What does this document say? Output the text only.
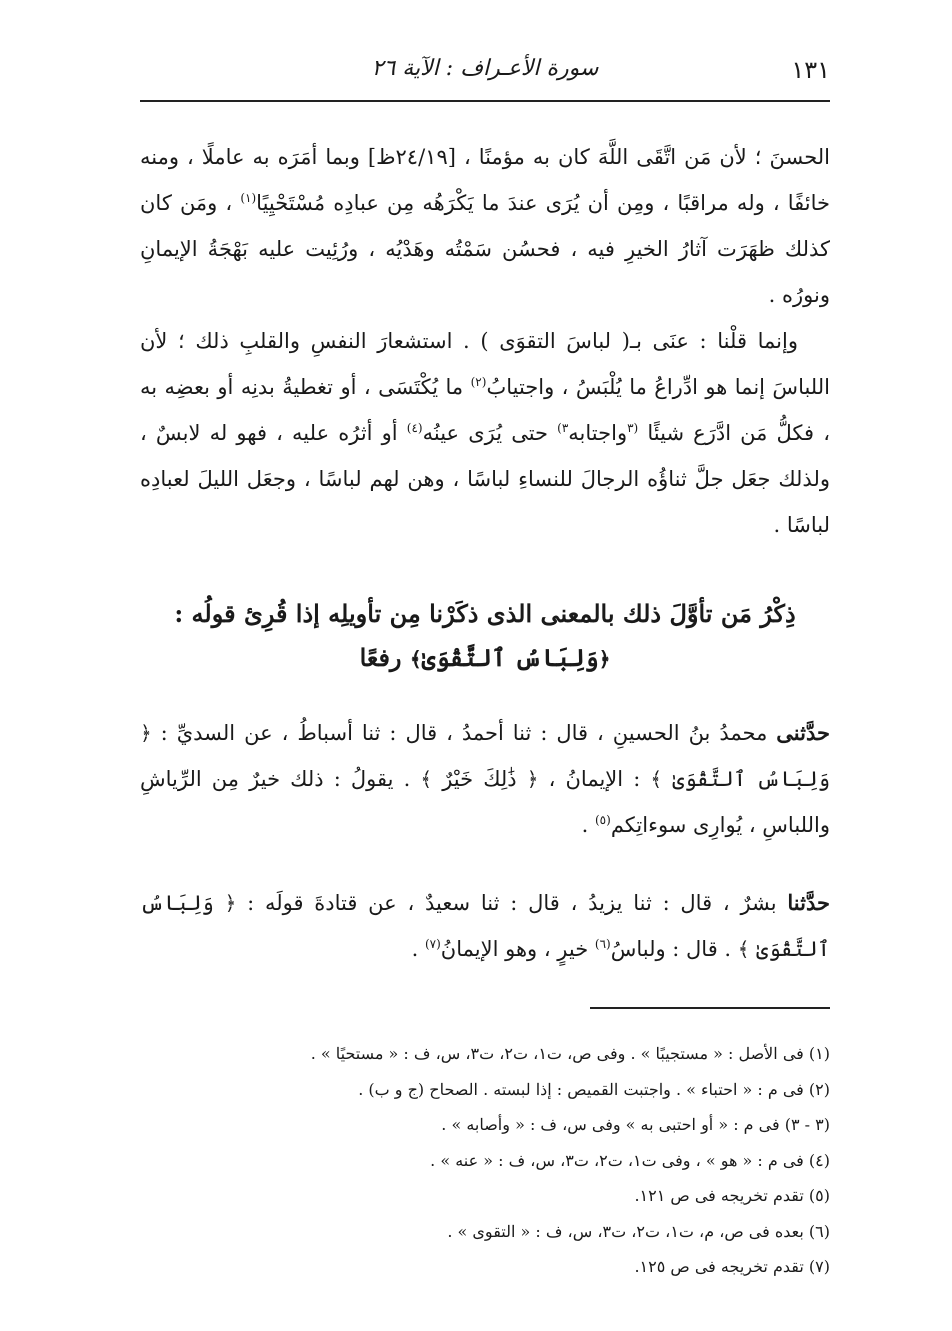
١٣١
سورة الأعـراف : الآية ٢٦

الحسنَ ؛ لأن مَن اتَّقَى اللَّهَ كان به مؤمنًا ، [٢٤/١٩ظ] وبما أمَرَه به عاملًا ، ومنه خائفًا ، وله مراقبًا ، ومِن أن يُرَى عندَ ما يَكْرَهُه مِن عبادِه مُسْتَحْيِيًا$^{(١)}$ ، ومَن كان كذلك ظهَرَت آثارُ الخيرِ فيه ، فحسُن سَمْتُه وهَدْيُه ، ورُئِيت عليه بَهْجَةُ الإيمانِ ونورُه .

وإنما قلْنا : عنَى بـ( لباسَ التقوَى ) . استشعارَ النفسِ والقلبِ ذلك ؛ لأن اللباسَ إنما هو ادِّراعُ ما يُلْبَسُ ، واجتيابُ$^{(٢)}$ ما يُكْتَسَى ، أو تغطيةُ بدنِه أو بعضِه به ، فكلُّ مَن ادَّرَع شيئًا $^{(٣}$واجتابه$^{٣)}$ حتى يُرَى عينُه$^{(٤)}$ أو أثرُه عليه ، فهو له لابسٌ ، ولذلك جعَل جلَّ ثناؤُه الرجالَ للنساءِ لباسًا ، وهن لهم لباسًا ، وجعَل الليلَ لعبادِه لباسًا .

ذِكْرُ مَن تأوَّلَ ذلك بالمعنى الذى ذكَرْنا مِن تأويلِه إذا قُرِئ قولُه :
﴿وَلِبَاسُ ٱلتَّقْوَىٰ﴾ رفعًا

حدَّثنى محمدُ بنُ الحسينِ ، قال : ثنا أحمدُ ، قال : ثنا أسباطُ ، عن السديِّ : ﴿ وَلِبَاسُ ٱلتَّقْوَىٰ ﴾ : الإيمانُ ، ﴿ ذَٰلِكَ خَيْرٌ ﴾ . يقولُ : ذلك خيرٌ مِن الرِّياشِ واللباسِ ، يُوارِى سوءاتِكم$^{(٥)}$ .

حدَّثنا بشرٌ ، قال : ثنا يزيدُ ، قال : ثنا سعيدٌ ، عن قتادةَ قولَه : ﴿ وَلِبَاسُ ٱلتَّقْوَىٰ ﴾ . قال : ولباسُ$^{(٦)}$ خيرٍ ، وهو الإيمانُ$^{(٧)}$ .

(١) فى الأصل : « مستجيبًا » . وفى ص، ت١، ت٢، ت٣، س، ف : « مستحيًا » .
(٢) فى م : « احتباء » . واجتبت القميص : إذا لبسته . الصحاح (ج و ب) .
(٣ - ٣) فى م : « أو احتبى به » وفى س، ف : « وأصابه » .
(٤) فى م : « هو » ، وفى ت١، ت٢، ت٣، س، ف : « عنه » .
(٥) تقدم تخريجه فى ص ١٢١.
(٦) بعده فى ص، م، ت١، ت٢، ت٣، س، ف : « التقوى » .
(٧) تقدم تخريجه فى ص ١٢٥.
